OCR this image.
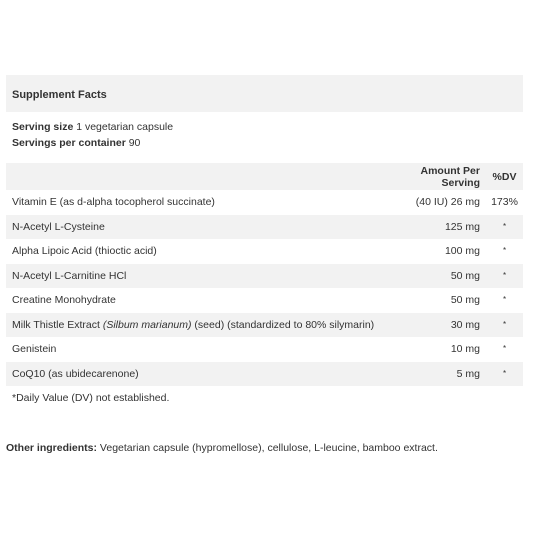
Supplement Facts
Serving size 1 vegetarian capsule
Servings per container 90
	Amount Per Serving	%DV
Vitamin E (as d-alpha tocopherol succinate)	(40 IU) 26 mg	173%
N-Acetyl L-Cysteine	125 mg	*
Alpha Lipoic Acid (thioctic acid)	100 mg	*
N-Acetyl L-Carnitine HCl	50 mg	*
Creatine Monohydrate	50 mg	*
Milk Thistle Extract (Silbum marianum) (seed) (standardized to 80% silymarin)	30 mg	*
Genistein	10 mg	*
CoQ10 (as ubidecarenone)	5 mg	*
*Daily Value (DV) not established.		
Other ingredients: Vegetarian capsule (hypromellose), cellulose, L-leucine, bamboo extract.
